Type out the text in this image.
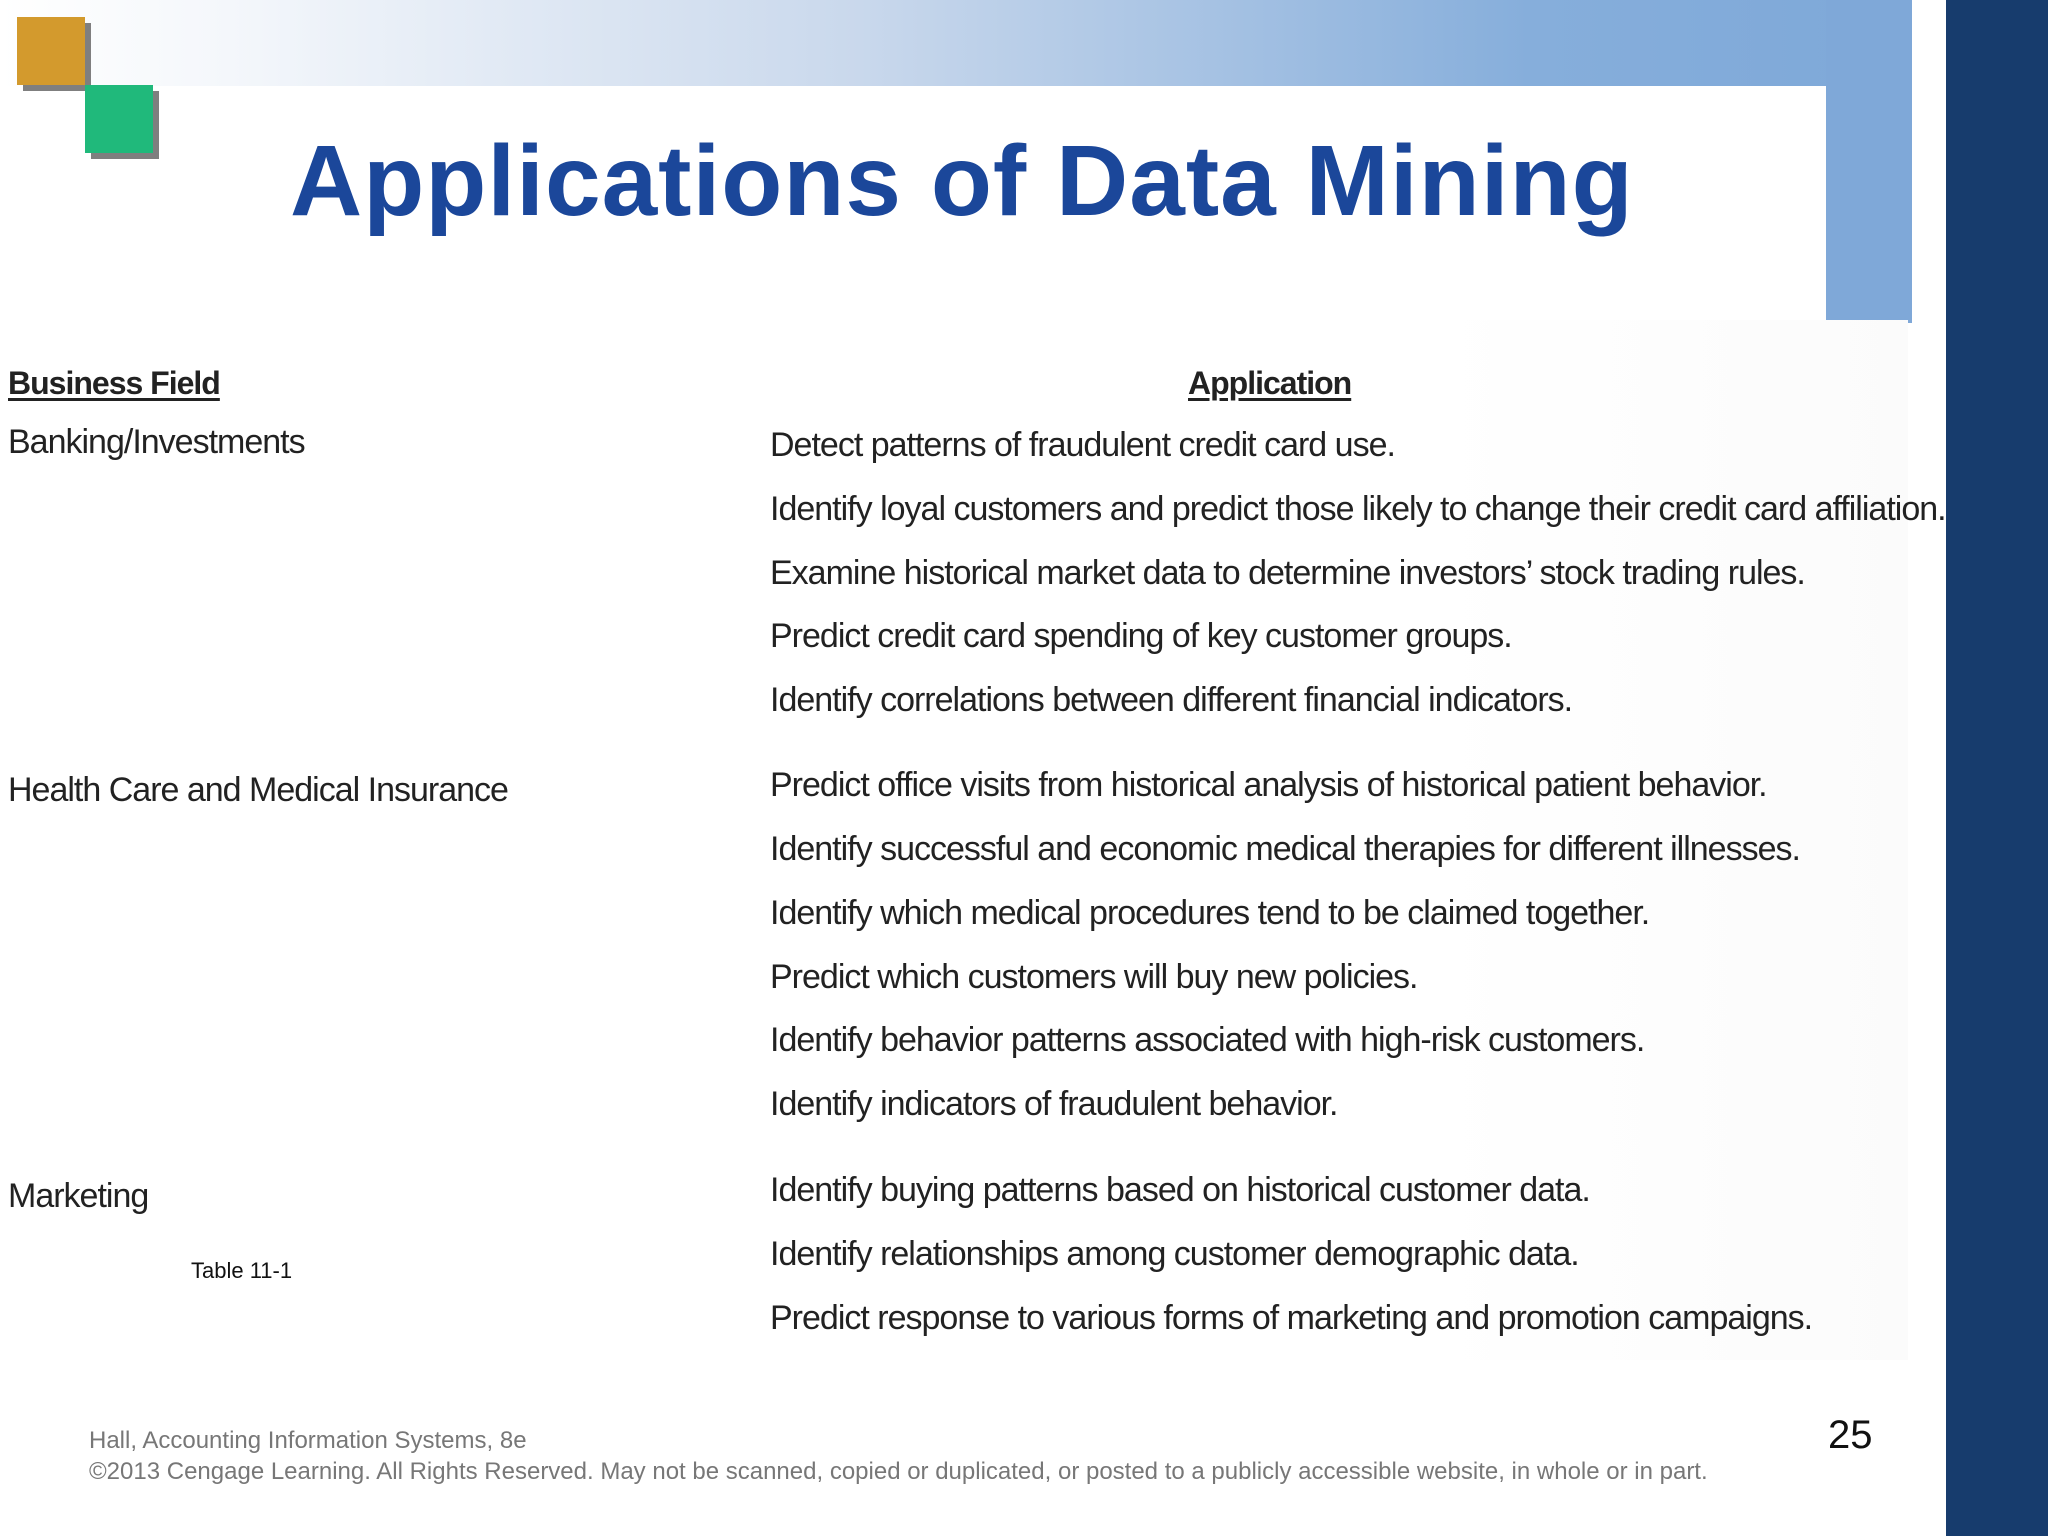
Applications of Data Mining
Business Field	Application
Banking/Investments	Detect patterns of fraudulent credit card use.
Identify loyal customers and predict those likely to change their credit card affiliation.
Examine historical market data to determine investors’ stock trading rules.
Predict credit card spending of key customer groups.
Identify correlations between different financial indicators.
Health Care and Medical Insurance	Predict office visits from historical analysis of historical patient behavior.
Identify successful and economic medical therapies for different illnesses.
Identify which medical procedures tend to be claimed together.
Predict which customers will buy new policies.
Identify behavior patterns associated with high-risk customers.
Identify indicators of fraudulent behavior.
Marketing	Identify buying patterns based on historical customer data.
Identify relationships among customer demographic data.
Predict response to various forms of marketing and promotion campaigns.
Table 11-1
Hall, Accounting Information Systems, 8e
©2013 Cengage Learning. All Rights Reserved. May not be scanned, copied or duplicated, or posted to a publicly accessible website, in whole or in part.
25
